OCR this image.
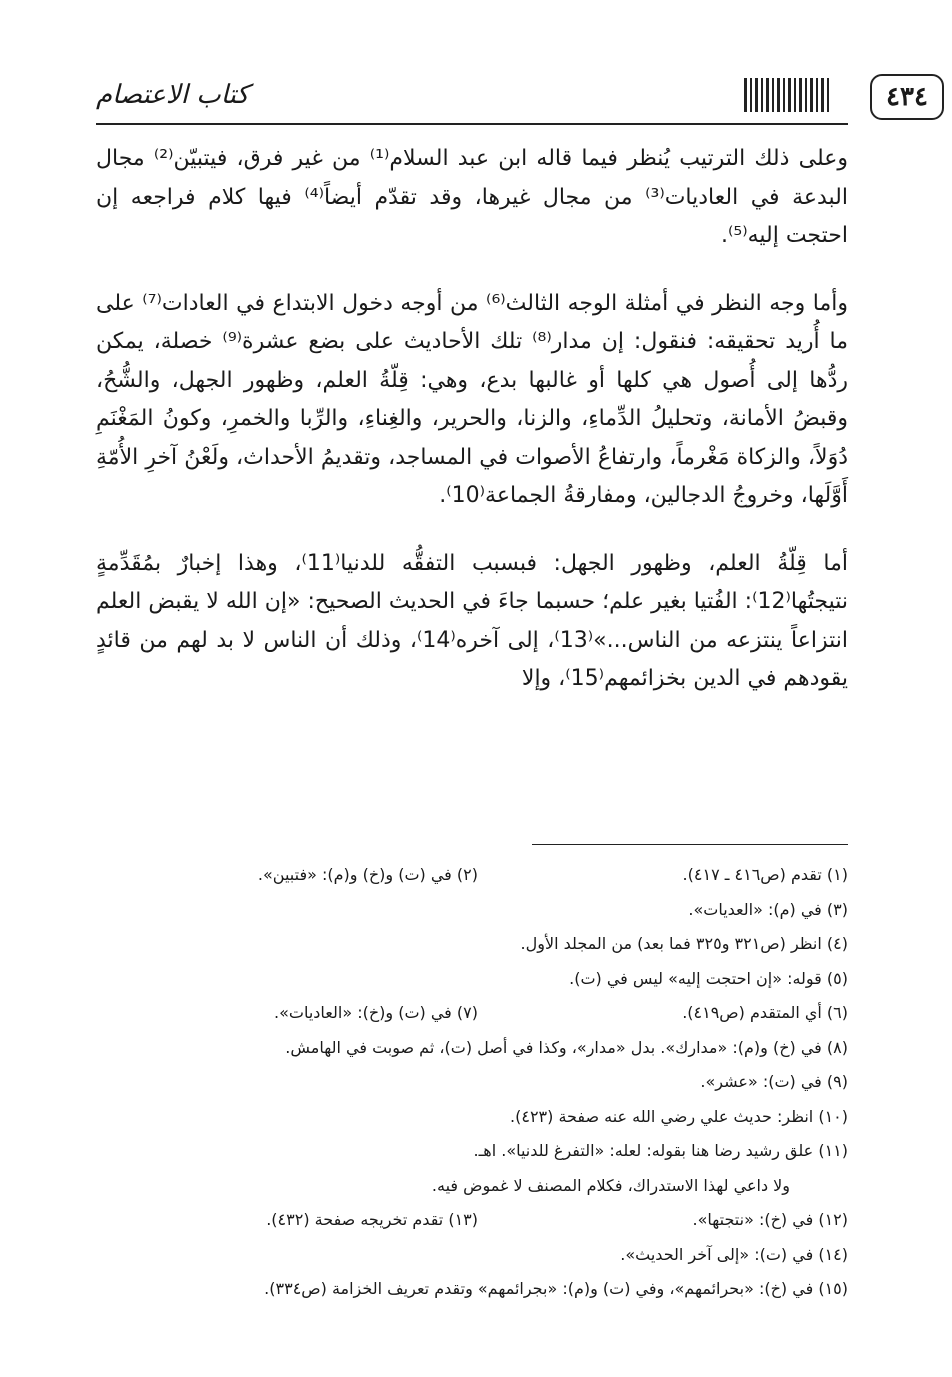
كتاب الاعتصام	٤٣٤

وعلى ذلك الترتيب يُنظر فيما قاله ابن عبد السلام⁽¹⁾ من غير فرق، فيتبيّن⁽²⁾ مجال البدعة في العاديات⁽³⁾ من مجال غيرها، وقد تقدّم أيضاً⁽⁴⁾ فيها كلام فراجعه إن احتجت إليه⁽⁵⁾.

وأما وجه النظر في أمثلة الوجه الثالث⁽⁶⁾ من أوجه دخول الابتداع في العادات⁽⁷⁾ على ما أُريد تحقيقه: فنقول: إن مدار⁽⁸⁾ تلك الأحاديث على بضع عشرة⁽⁹⁾ خصلة، يمكن ردُّها إلى أُصول هي كلها أو غالبها بدع، وهي: قِلّةُ العلم، وظهور الجهل، والشُّحُ، وقبضُ الأمانة، وتحليلُ الدِّماءِ، والزنا، والحرير، والغِناءِ، والرِّبا والخمرِ، وكونُ المَغْنَمِ دُوَلاً، والزكاة مَغْرماً، وارتفاعُ الأصوات في المساجد، وتقديمُ الأحداث، ولَعْنُ آخرِ الأُمّةِ أَوَّلَها، وخروجُ الدجالين، ومفارقةُ الجماعة⁽10⁾.

أما قِلّةُ العلم، وظهور الجهل: فبسبب التفقُّه للدنيا⁽11⁾، وهذا إخبارٌ بمُقَدِّمةٍ نتيجتُها⁽12⁾: الفُتيا بغير علم؛ حسبما جاءَ في الحديث الصحيح: «إن الله لا يقبض العلم انتزاعاً ينتزعه من الناس...»⁽13⁾، إلى آخره⁽14⁾، وذلك أن الناس لا بد لهم من قائدٍ يقودهم في الدين بخزائمهم⁽15⁾، وإلا

(١) تقدم (ص٤١٦ ـ ٤١٧).
(٢) في (ت) و(خ) و(م): «فتبين».
(٣) في (م): «العديات».
(٤) انظر (ص٣٢١ و٣٢٥ فما بعد) من المجلد الأول.
(٥) قوله: «إن احتجت إليه» ليس في (ت).
(٦) أي المتقدم (ص٤١٩).
(٧) في (ت) و(خ): «العاديات».
(٨) في (خ) و(م): «مدارك». بدل «مدار»، وكذا في أصل (ت)، ثم صوبت في الهامش.
(٩) في (ت): «عشر».
(١٠) انظر: حديث علي رضي الله عنه صفحة (٤٢٣).
(١١) علق رشيد رضا هنا بقوله: لعله: «التفرغ للدنيا». اهـ.
ولا داعي لهذا الاستدراك، فكلام المصنف لا غموض فيه.
(١٢) في (خ): «نتجتها».
(١٣) تقدم تخريجه صفحة (٤٣٢).
(١٤) في (ت): «إلى آخر الحديث».
(١٥) في (خ): «بحرائمهم»، وفي (ت) و(م): «بجرائمهم» وتقدم تعريف الخزامة (ص٣٣٤).
